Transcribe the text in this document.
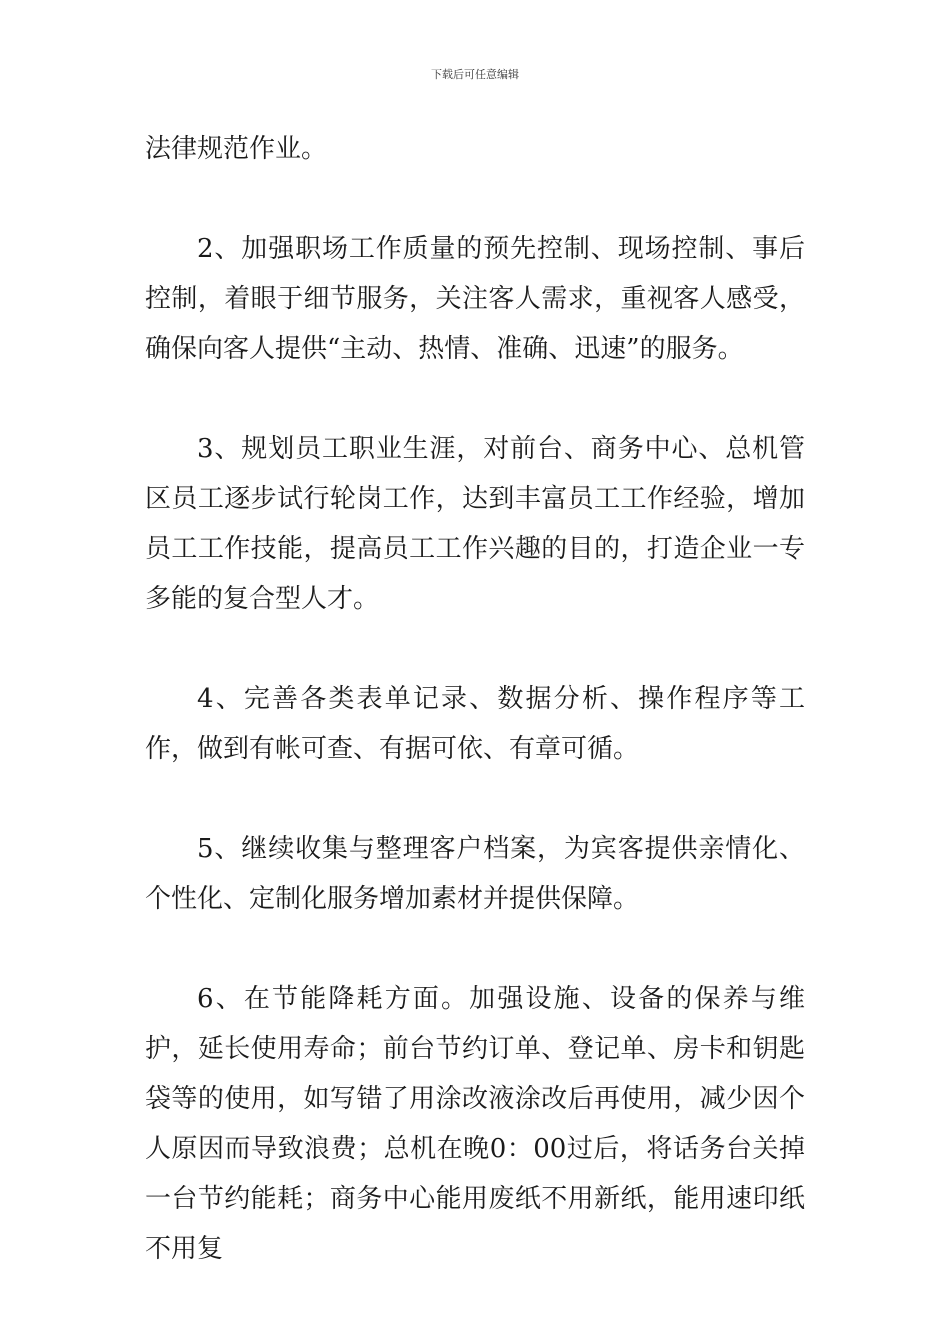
下载后可任意编辑

法律规范作业。

2、加强职场工作质量的预先控制、现场控制、事后控制，着眼于细节服务，关注客人需求，重视客人感受，确保向客人提供“主动、热情、准确、迅速”的服务。

3、规划员工职业生涯，对前台、商务中心、总机管区员工逐步试行轮岗工作，达到丰富员工工作经验，增加员工工作技能，提高员工工作兴趣的目的，打造企业一专多能的复合型人才。

4、完善各类表单记录、数据分析、操作程序等工作，做到有帐可查、有据可依、有章可循。

5、继续收集与整理客户档案，为宾客提供亲情化、个性化、定制化服务增加素材并提供保障。

6、在节能降耗方面。加强设施、设备的保养与维护，延长使用寿命；前台节约订单、登记单、房卡和钥匙袋等的使用，如写错了用涂改液涂改后再使用，减少因个人原因而导致浪费；总机在晚0：00过后，将话务台关掉一台节约能耗；商务中心能用废纸不用新纸，能用速印纸不用复
